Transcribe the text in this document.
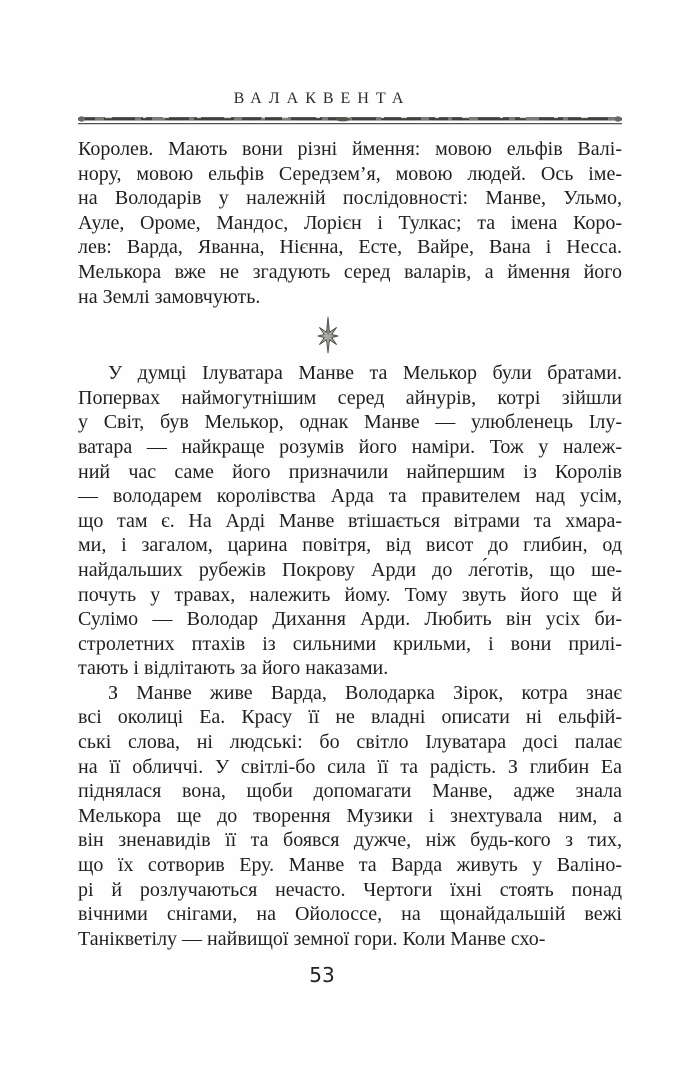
ВАЛАКВЕНТА
Королев. Мають вони різні ймення: мовою ельфів Валі-
нору, мовою ельфів Середзем’я, мовою людей. Ось іме-
на Володарів у належній послідовності: Манве, Ульмо,
Ауле, Ороме, Мандос, Лорієн і Тулкас; та імена Коро-
лев: Варда, Яванна, Нієнна, Есте, Вайре, Вана і Несса.
Мелькора вже не згадують серед валарів, а ймення його
на Землі замовчують.
У думці Ілуватара Манве та Мелькор були братами.
Попервах наймогутнішим серед айнурів, котрі зійшли
у Світ, був Мелькор, однак Манве — улюбленець Ілу-
ватара — найкраще розумів його наміри. Тож у належ-
ний час саме його призначили найпершим із Королів
— володарем королівства Арда та правителем над усім,
що там є. На Арді Манве втішається вітрами та хмара-
ми, і загалом, царина повітря, від висот до глибин, од
найдальших рубежів Покрову Арди до ле́готів, що ше-
почуть у травах, належить йому. Тому звуть його ще й
Сулімо — Володар Дихання Арди. Любить він усіх би-
стролетних птахів із сильними крильми, і вони прилі-
тають і відлітають за його наказами.
З Манве живе Варда, Володарка Зірок, котра знає
всі околиці Еа. Красу її не владні описати ні ельфій-
ські слова, ні людські: бо світло Ілуватара досі палає
на її обличчі. У світлі-бо сила її та радість. З глибин Еа
піднялася вона, щоби допомагати Манве, адже знала
Мелькора ще до творення Музики і знехтувала ним, а
він зненавидів її та боявся дужче, ніж будь-кого з тих,
що їх сотворив Еру. Манве та Варда живуть у Валіно-
рі й розлучаються нечасто. Чертоги їхні стоять понад
вічними снігами, на Ойолоссе, на щонайдальшій вежі
Танікветілу — найвищої земної гори. Коли Манве схо-
53
